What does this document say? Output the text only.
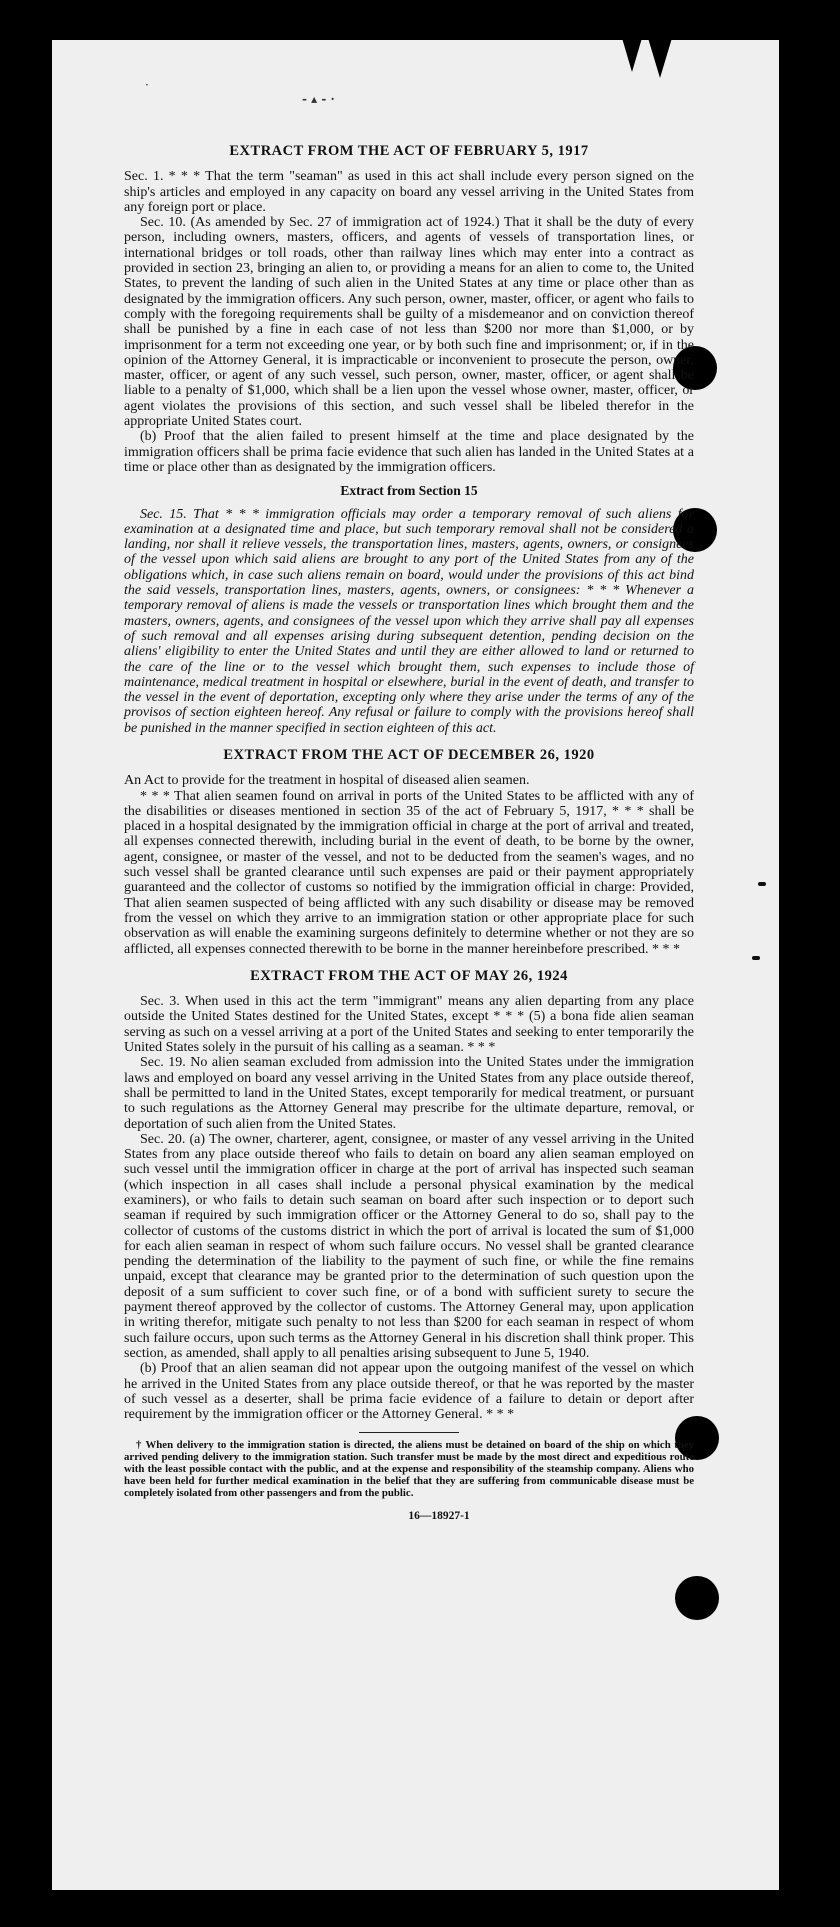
·
- ▴ - ·
EXTRACT FROM THE ACT OF FEBRUARY 5, 1917

Sec. 1. * * * That the term "seaman" as used in this act shall include every person signed on the ship's articles and employed in any capacity on board any vessel arriving in the United States from any foreign port or place.

Sec. 10. (As amended by Sec. 27 of immigration act of 1924.) That it shall be the duty of every person, including owners, masters, officers, and agents of vessels of transportation lines, or international bridges or toll roads, other than railway lines which may enter into a contract as provided in section 23, bringing an alien to, or providing a means for an alien to come to, the United States, to prevent the landing of such alien in the United States at any time or place other than as designated by the immigration officers. Any such person, owner, master, officer, or agent who fails to comply with the foregoing requirements shall be guilty of a misdemeanor and on conviction thereof shall be punished by a fine in each case of not less than $200 nor more than $1,000, or by imprisonment for a term not exceeding one year, or by both such fine and imprisonment; or, if in the opinion of the Attorney General, it is impracticable or inconvenient to prosecute the person, owner, master, officer, or agent of any such vessel, such person, owner, master, officer, or agent shall be liable to a penalty of $1,000, which shall be a lien upon the vessel whose owner, master, officer, or agent violates the provisions of this section, and such vessel shall be libeled therefor in the appropriate United States court.

(b) Proof that the alien failed to present himself at the time and place designated by the immigration officers shall be prima facie evidence that such alien has landed in the United States at a time or place other than as designated by the immigration officers.

Extract from Section 15

Sec. 15. That * * * immigration officials may order a temporary removal of such aliens for examination at a designated time and place, but such temporary removal shall not be considered a landing, nor shall it relieve vessels, the transportation lines, masters, agents, owners, or consignees of the vessel upon which said aliens are brought to any port of the United States from any of the obligations which, in case such aliens remain on board, would under the provisions of this act bind the said vessels, transportation lines, masters, agents, owners, or consignees: * * * Whenever a temporary removal of aliens is made the vessels or transportation lines which brought them and the masters, owners, agents, and consignees of the vessel upon which they arrive shall pay all expenses of such removal and all expenses arising during subsequent detention, pending decision on the aliens' eligibility to enter the United States and until they are either allowed to land or returned to the care of the line or to the vessel which brought them, such expenses to include those of maintenance, medical treatment in hospital or elsewhere, burial in the event of death, and transfer to the vessel in the event of deportation, excepting only where they arise under the terms of any of the provisos of section eighteen hereof. Any refusal or failure to comply with the provisions hereof shall be punished in the manner specified in section eighteen of this act.

EXTRACT FROM THE ACT OF DECEMBER 26, 1920

An Act to provide for the treatment in hospital of diseased alien seamen.

* * * That alien seamen found on arrival in ports of the United States to be afflicted with any of the disabilities or diseases mentioned in section 35 of the act of February 5, 1917, * * * shall be placed in a hospital designated by the immigration official in charge at the port of arrival and treated, all expenses connected therewith, including burial in the event of death, to be borne by the owner, agent, consignee, or master of the vessel, and not to be deducted from the seamen's wages, and no such vessel shall be granted clearance until such expenses are paid or their payment appropriately guaranteed and the collector of customs so notified by the immigration official in charge: Provided, That alien seamen suspected of being afflicted with any such disability or disease may be removed from the vessel on which they arrive to an immigration station or other appropriate place for such observation as will enable the examining surgeons definitely to determine whether or not they are so afflicted, all expenses connected therewith to be borne in the manner hereinbefore prescribed. * * *

EXTRACT FROM THE ACT OF MAY 26, 1924

Sec. 3. When used in this act the term "immigrant" means any alien departing from any place outside the United States destined for the United States, except * * * (5) a bona fide alien seaman serving as such on a vessel arriving at a port of the United States and seeking to enter temporarily the United States solely in the pursuit of his calling as a seaman. * * *

Sec. 19. No alien seaman excluded from admission into the United States under the immigration laws and employed on board any vessel arriving in the United States from any place outside thereof, shall be permitted to land in the United States, except temporarily for medical treatment, or pursuant to such regulations as the Attorney General may prescribe for the ultimate departure, removal, or deportation of such alien from the United States.

Sec. 20. (a) The owner, charterer, agent, consignee, or master of any vessel arriving in the United States from any place outside thereof who fails to detain on board any alien seaman employed on such vessel until the immigration officer in charge at the port of arrival has inspected such seaman (which inspection in all cases shall include a personal physical examination by the medical examiners), or who fails to detain such seaman on board after such inspection or to deport such seaman if required by such immigration officer or the Attorney General to do so, shall pay to the collector of customs of the customs district in which the port of arrival is located the sum of $1,000 for each alien seaman in respect of whom such failure occurs. No vessel shall be granted clearance pending the determination of the liability to the payment of such fine, or while the fine remains unpaid, except that clearance may be granted prior to the determination of such question upon the deposit of a sum sufficient to cover such fine, or of a bond with sufficient surety to secure the payment thereof approved by the collector of customs. The Attorney General may, upon application in writing therefor, mitigate such penalty to not less than $200 for each seaman in respect of whom such failure occurs, upon such terms as the Attorney General in his discretion shall think proper. This section, as amended, shall apply to all penalties arising subsequent to June 5, 1940.

(b) Proof that an alien seaman did not appear upon the outgoing manifest of the vessel on which he arrived in the United States from any place outside thereof, or that he was reported by the master of such vessel as a deserter, shall be prima facie evidence of a failure to detain or deport after requirement by the immigration officer or the Attorney General. * * *

† When delivery to the immigration station is directed, the aliens must be detained on board of the ship on which they arrived pending delivery to the immigration station. Such transfer must be made by the most direct and expeditious route with the least possible contact with the public, and at the expense and responsibility of the steamship company. Aliens who have been held for further medical examination in the belief that they are suffering from communicable disease must be completely isolated from other passengers and from the public.

16—18927-1
